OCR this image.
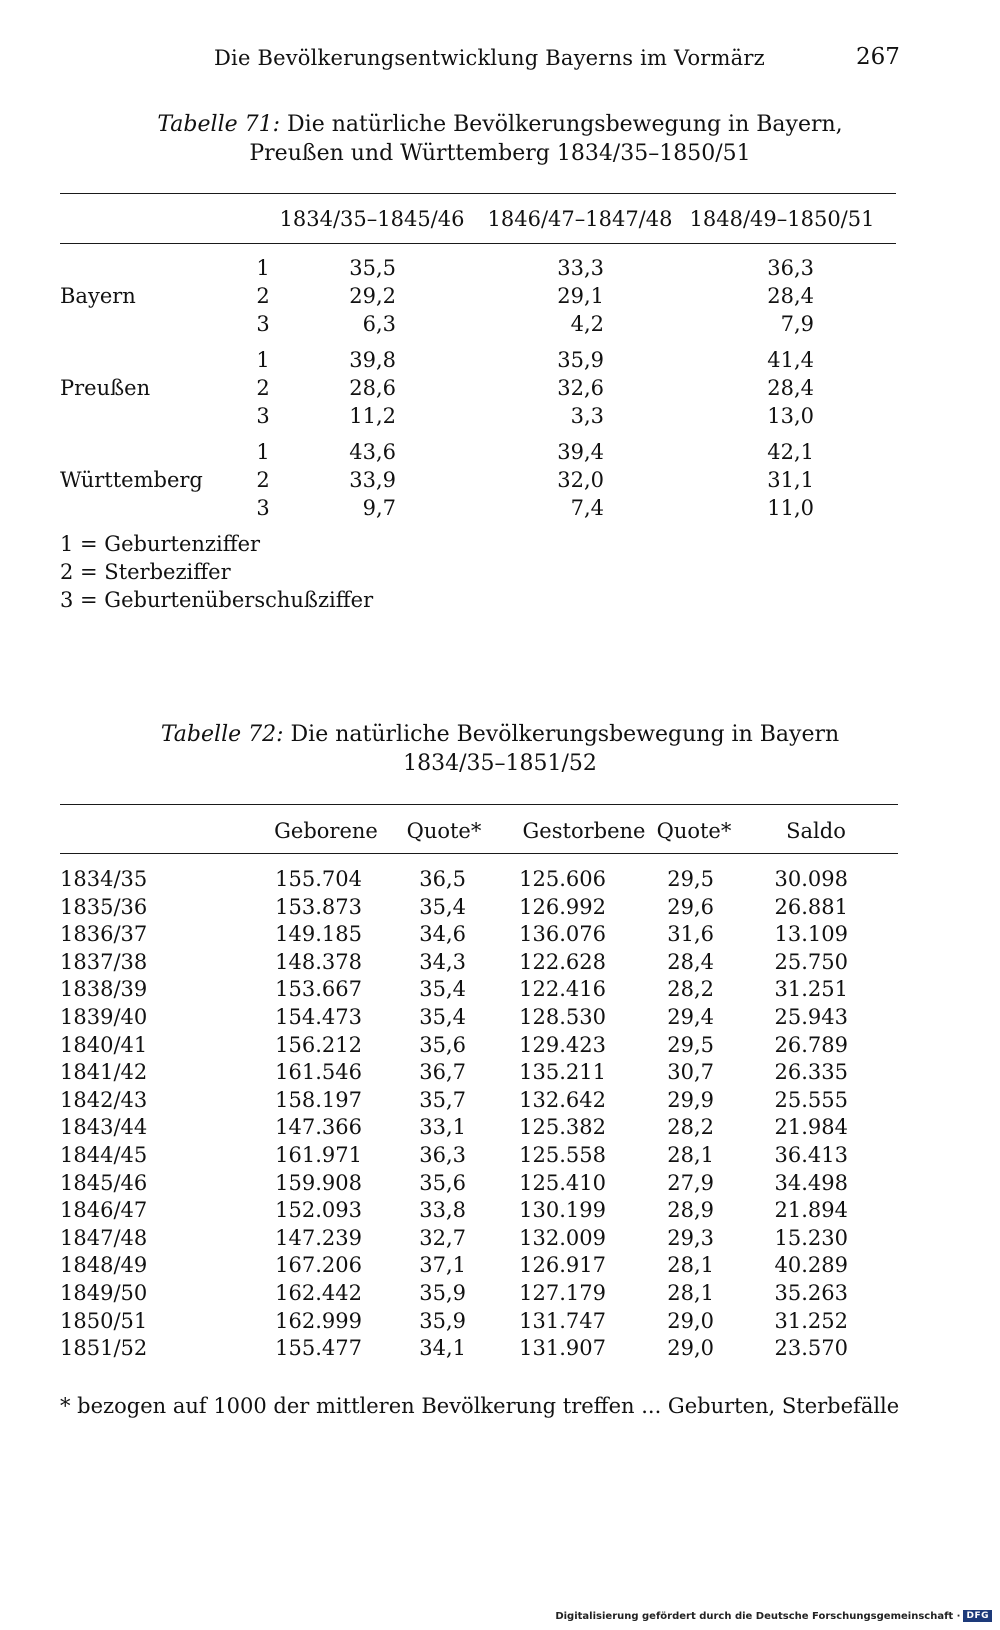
Die Bevölkerungsentwicklung Bayerns im Vormärz	267
Tabelle 71: Die natürliche Bevölkerungsbewegung in Bayern,
Preußen und Württemberg 1834/35–1850/51
1834/35–1845/46	1846/47–1847/48 1848/49–1850/51
Bayern
1	35,5	33,3	36,3
2	29,2	29,1	28,4
3	6,3	4,2	7,9
Preußen
1	39,8	35,9	41,4
2	28,6	32,6	28,4
3	11,2	3,3	13,0
Württemberg
1	43,6	39,4	42,1
2	33,9	32,0	31,1
3	9,7	7,4	11,0
1 = Geburtenziffer
2 = Sterbeziffer
3 = Geburtenüberschußziffer
Tabelle 72: Die natürliche Bevölkerungsbewegung in Bayern
1834/35–1851/52
Geborene	Quote*	Gestorbene Quote*	Saldo
1834/35	155.704	36,5	125.606	29,5	30.098
1835/36	153.873	35,4	126.992	29,6	26.881
1836/37	149.185	34,6	136.076	31,6	13.109
1837/38	148.378	34,3	122.628	28,4	25.750
1838/39	153.667	35,4	122.416	28,2	31.251
1839/40	154.473	35,4	128.530	29,4	25.943
1840/41	156.212	35,6	129.423	29,5	26.789
1841/42	161.546	36,7	135.211	30,7	26.335
1842/43	158.197	35,7	132.642	29,9	25.555
1843/44	147.366	33,1	125.382	28,2	21.984
1844/45	161.971	36,3	125.558	28,1	36.413
1845/46	159.908	35,6	125.410	27,9	34.498
1846/47	152.093	33,8	130.199	28,9	21.894
1847/48	147.239	32,7	132.009	29,3	15.230
1848/49	167.206	37,1	126.917	28,1	40.289
1849/50	162.442	35,9	127.179	28,1	35.263
1850/51	162.999	35,9	131.747	29,0	31.252
1851/52	155.477	34,1	131.907	29,0	23.570
* bezogen auf 1000 der mittleren Bevölkerung treffen ... Geburten, Sterbefälle
Digitalisierung gefördert durch die Deutsche Forschungsgemeinschaft · DFG
